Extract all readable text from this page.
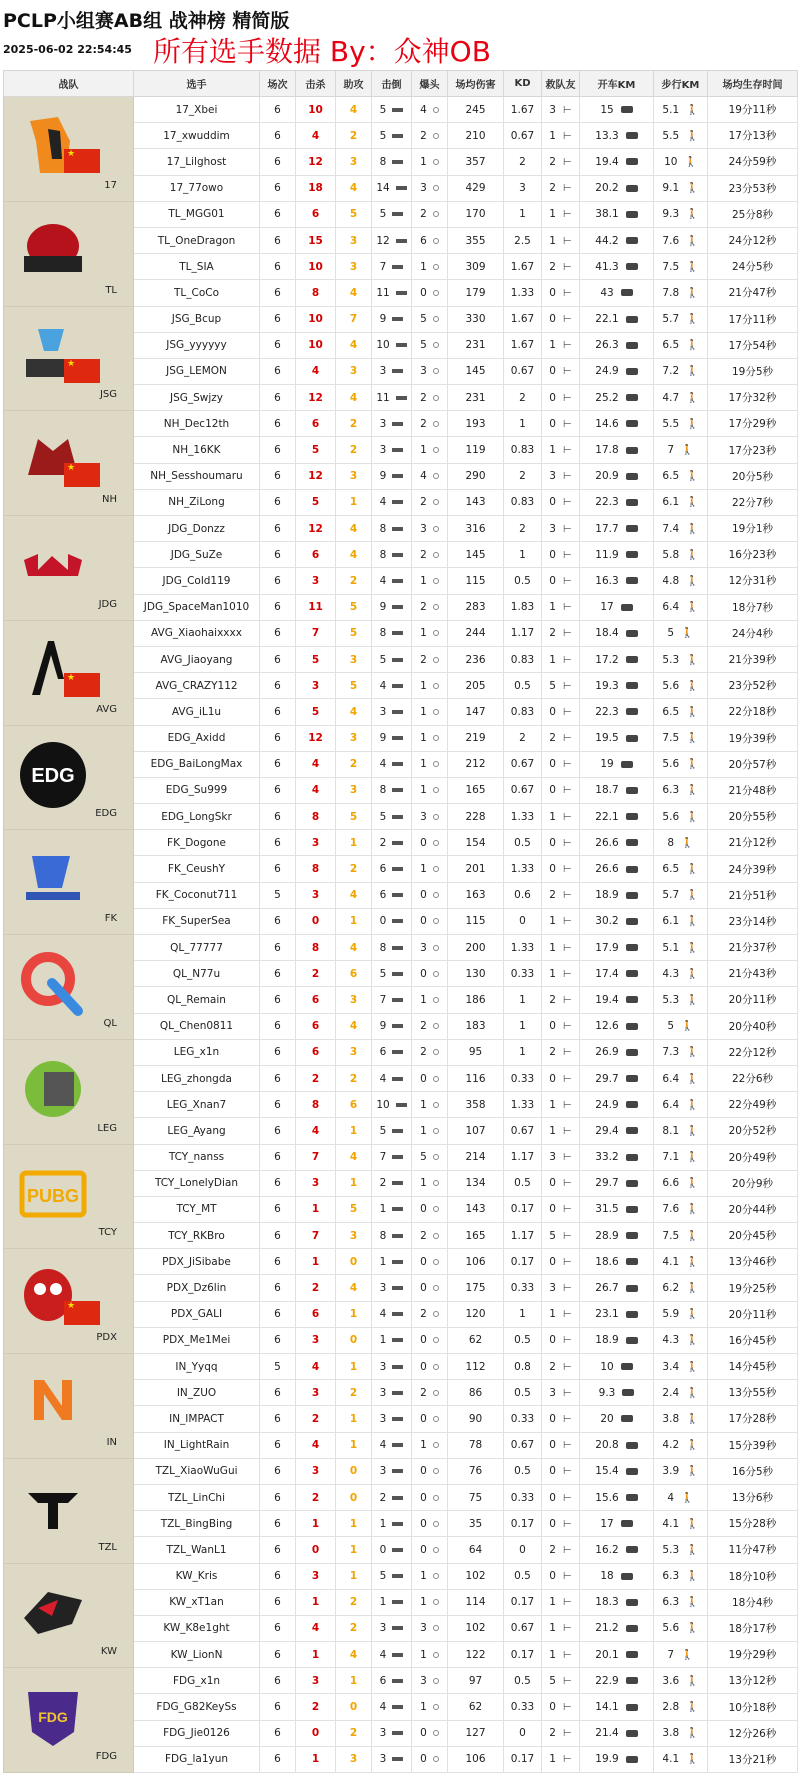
PCLP小组赛AB组 战神榜 精简版
2025-06-02 22:54:45 所有选手数据 By：众神OB
战队	选手	场次	击杀	助攻	击倒	爆头	场均伤害	KD	救队友	开车KM	步行KM	场均生存时间

★
17	17_Xbei	6	10	4	5	4	245	1.67	3 ⊢	15	5.1 🚶	19分11秒
	17_xwuddim	6	4	2	5	2	210	0.67	1 ⊢	13.3	5.5 🚶	17分13秒
	17_Lilghost	6	12	3	8	1	357	2	2 ⊢	19.4	10 🚶	24分59秒
	17_77owo	6	18	4	14	3	429	3	2 ⊢	20.2	9.1 🚶	23分53秒

TL	TL_MGG01	6	6	5	5	2	170	1	1 ⊢	38.1	9.3 🚶	25分8秒
	TL_OneDragon	6	15	3	12	6	355	2.5	1 ⊢	44.2	7.6 🚶	24分12秒
	TL_SIA	6	10	3	7	1	309	1.67	2 ⊢	41.3	7.5 🚶	24分5秒
	TL_CoCo	6	8	4	11	0	179	1.33	0 ⊢	43	7.8 🚶	21分47秒

★
JSG	JSG_Bcup	6	10	7	9	5	330	1.67	0 ⊢	22.1	5.7 🚶	17分11秒
	JSG_yyyyyy	6	10	4	10	5	231	1.67	1 ⊢	26.3	6.5 🚶	17分54秒
	JSG_LEMON	6	4	3	3	3	145	0.67	0 ⊢	24.9	7.2 🚶	19分5秒
	JSG_Swjzy	6	12	4	11	2	231	2	0 ⊢	25.2	4.7 🚶	17分32秒

★
NH	NH_Dec12th	6	6	2	3	2	193	1	0 ⊢	14.6	5.5 🚶	17分29秒
	NH_16KK	6	5	2	3	1	119	0.83	1 ⊢	17.8	7 🚶	17分23秒
	NH_Sesshoumaru	6	12	3	9	4	290	2	3 ⊢	20.9	6.5 🚶	20分5秒
	NH_ZiLong	6	5	1	4	2	143	0.83	0 ⊢	22.3	6.1 🚶	22分7秒

JDG	JDG_Donzz	6	12	4	8	3	316	2	3 ⊢	17.7	7.4 🚶	19分1秒
	JDG_SuZe	6	6	4	8	2	145	1	0 ⊢	11.9	5.8 🚶	16分23秒
	JDG_Cold119	6	3	2	4	1	115	0.5	0 ⊢	16.3	4.8 🚶	12分31秒
	JDG_SpaceMan1010	6	11	5	9	2	283	1.83	1 ⊢	17	6.4 🚶	18分7秒

★
AVG	AVG_Xiaohaixxxx	6	7	5	8	1	244	1.17	2 ⊢	18.4	5 🚶	24分4秒
	AVG_Jiaoyang	6	5	3	5	2	236	0.83	1 ⊢	17.2	5.3 🚶	21分39秒
	AVG_CRAZY112	6	3	5	4	1	205	0.5	5 ⊢	19.3	5.6 🚶	23分52秒
	AVG_iL1u	6	5	4	3	1	147	0.83	0 ⊢	22.3	6.5 🚶	22分18秒

EDG
EDG	EDG_Axidd	6	12	3	9	1	219	2	2 ⊢	19.5	7.5 🚶	19分39秒
	EDG_BaiLongMax	6	4	2	4	1	212	0.67	0 ⊢	19	5.6 🚶	20分57秒
	EDG_Su999	6	4	3	8	1	165	0.67	0 ⊢	18.7	6.3 🚶	21分48秒
	EDG_LongSkr	6	8	5	5	3	228	1.33	1 ⊢	22.1	5.6 🚶	20分55秒

FK	FK_Dogone	6	3	1	2	0	154	0.5	0 ⊢	26.6	8 🚶	21分12秒
	FK_CeushY	6	8	2	6	1	201	1.33	0 ⊢	26.6	6.5 🚶	24分39秒
	FK_Coconut711	5	3	4	6	0	163	0.6	2 ⊢	18.9	5.7 🚶	21分51秒
	FK_SuperSea	6	0	1	0	0	115	0	1 ⊢	30.2	6.1 🚶	23分14秒

QL	QL_77777	6	8	4	8	3	200	1.33	1 ⊢	17.9	5.1 🚶	21分37秒
	QL_N77u	6	2	6	5	0	130	0.33	1 ⊢	17.4	4.3 🚶	21分43秒
	QL_Remain	6	6	3	7	1	186	1	2 ⊢	19.4	5.3 🚶	20分11秒
	QL_Chen0811	6	6	4	9	2	183	1	0 ⊢	12.6	5 🚶	20分40秒

LEG	LEG_x1n	6	6	3	6	2	95	1	2 ⊢	26.9	7.3 🚶	22分12秒
	LEG_zhongda	6	2	2	4	0	116	0.33	0 ⊢	29.7	6.4 🚶	22分6秒
	LEG_Xnan7	6	8	6	10	1	358	1.33	1 ⊢	24.9	6.4 🚶	22分49秒
	LEG_Ayang	6	4	1	5	1	107	0.67	1 ⊢	29.4	8.1 🚶	20分52秒

PUBG
TCY	TCY_nanss	6	7	4	7	5	214	1.17	3 ⊢	33.2	7.1 🚶	20分49秒
	TCY_LonelyDian	6	3	1	2	1	134	0.5	0 ⊢	29.7	6.6 🚶	20分9秒
	TCY_MT	6	1	5	1	0	143	0.17	0 ⊢	31.5	7.6 🚶	20分44秒
	TCY_RKBro	6	7	3	8	2	165	1.17	5 ⊢	28.9	7.5 🚶	20分45秒

★
PDX	PDX_JiSibabe	6	1	0	1	0	106	0.17	0 ⊢	18.6	4.1 🚶	13分46秒
	PDX_Dz6lin	6	2	4	3	0	175	0.33	3 ⊢	26.7	6.2 🚶	19分25秒
	PDX_GALI	6	6	1	4	2	120	1	1 ⊢	23.1	5.9 🚶	20分11秒
	PDX_Me1Mei	6	3	0	1	0	62	0.5	0 ⊢	18.9	4.3 🚶	16分45秒

IN	IN_Yyqq	5	4	1	3	0	112	0.8	2 ⊢	10	3.4 🚶	14分45秒
	IN_ZUO	6	3	2	3	2	86	0.5	3 ⊢	9.3	2.4 🚶	13分55秒
	IN_IMPACT	6	2	1	3	0	90	0.33	0 ⊢	20	3.8 🚶	17分28秒
	IN_LightRain	6	4	1	4	1	78	0.67	0 ⊢	20.8	4.2 🚶	15分39秒

TZL	TZL_XiaoWuGui	6	3	0	3	0	76	0.5	0 ⊢	15.4	3.9 🚶	16分5秒
	TZL_LinChi	6	2	0	2	0	75	0.33	0 ⊢	15.6	4 🚶	13分6秒
	TZL_BingBing	6	1	1	1	0	35	0.17	0 ⊢	17	4.1 🚶	15分28秒
	TZL_WanL1	6	0	1	0	0	64	0	2 ⊢	16.2	5.3 🚶	11分47秒

KW	KW_Kris	6	3	1	5	1	102	0.5	0 ⊢	18	6.3 🚶	18分10秒
	KW_xT1an	6	1	2	1	1	114	0.17	1 ⊢	18.3	6.3 🚶	18分4秒
	KW_K8e1ght	6	4	2	3	3	102	0.67	1 ⊢	21.2	5.6 🚶	18分17秒
	KW_LionN	6	1	4	4	1	122	0.17	1 ⊢	20.1	7 🚶	19分29秒

FDG
FDG	FDG_x1n	6	3	1	6	3	97	0.5	5 ⊢	22.9	3.6 🚶	13分12秒
	FDG_G82KeySs	6	2	0	4	1	62	0.33	0 ⊢	14.1	2.8 🚶	10分18秒
	FDG_Jie0126	6	0	2	3	0	127	0	2 ⊢	21.4	3.8 🚶	12分26秒
	FDG_la1yun	6	1	3	3	0	106	0.17	1 ⊢	19.9	4.1 🚶	13分21秒
